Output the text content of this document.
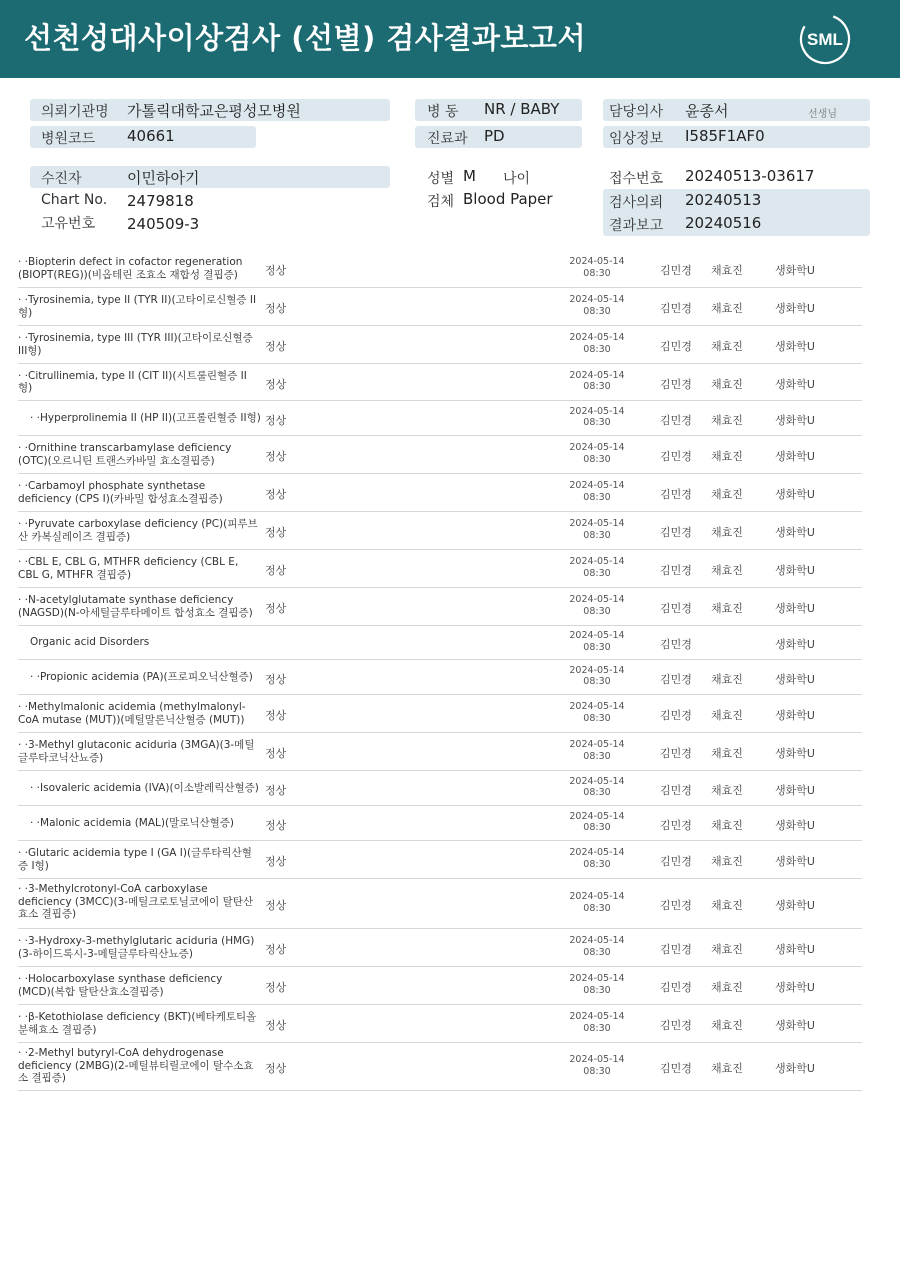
선천성대사이상검사 (선별) 검사결과보고서	SML
의뢰기관명 가톨릭대학교은평성모병원	병 동 NR / BABY	담당의사 윤종서	선생님
병원코드 40661	진료과 PD	임상정보 I585F1AF0
수진자	이민하아기
Chart No. 2479818
고유번호 240509-3
성별 M 나이
검체 Blood Paper
접수번호 20240513-03617
검사의뢰 20240513
결과보고 20240516
· ·Biopterin defect in cofactor regeneration (BIOPT(REG))(비옵테린 조효소 재합성 결핍증)	정상
2024-05-14
08:30	김민경 채효진	생화학U
· ·Tyrosinemia, type II (TYR II)(고타이로신혈증 II형)	정상
2024-05-14
08:30	김민경 채효진	생화학U
· ·Tyrosinemia, type III (TYR III)(고타이로신혈증 III형)	정상
2024-05-14
08:30	김민경 채효진	생화학U
· ·Citrullinemia, type II (CIT II)(시트룰린혈증 II형)	정상
2024-05-14
08:30	김민경 채효진	생화학U
· ·Hyperprolinemia II (HP II)(고프롤린혈증 II형) 정상
2024-05-14
08:30	김민경 채효진	생화학U
· ·Ornithine transcarbamylase deficiency (OTC)(오르니틴 트랜스카바밀 효소결핍증)	정상
2024-05-14
08:30	김민경 채효진	생화학U
· ·Carbamoyl phosphate synthetase deficiency (CPS I)(카바밀 합성효소결핍증)	정상
2024-05-14
08:30	김민경 채효진	생화학U
· ·Pyruvate carboxylase deficiency (PC)(피루브산 카복실레이즈 결핍증)	정상
2024-05-14
08:30	김민경 채효진	생화학U
· ·CBL E, CBL G, MTHFR deficiency (CBL E, CBL G, MTHFR 결핍증)	정상
2024-05-14
08:30	김민경 채효진	생화학U
· ·N-acetylglutamate synthase deficiency (NAGSD)(N-아세틸글루타메이트 합성효소 결핍증)	정상
2024-05-14
08:30	김민경 채효진	생화학U
Organic acid Disorders
2024-05-14
08:30	김민경	생화학U
· ·Propionic acidemia (PA)(프로피오닉산혈증)	정상
2024-05-14
08:30	김민경 채효진	생화학U
· ·Methylmalonic acidemia (methylmalonyl-CoA mutase (MUT))(메틸말론닉산혈증 (MUT))	정상
2024-05-14
08:30	김민경 채효진	생화학U
· ·3-Methyl glutaconic aciduria (3MGA)(3-메틸글루타코닉산뇨증)	정상
2024-05-14
08:30	김민경 채효진	생화학U
· ·Isovaleric acidemia (IVA)(이소발레릭산혈증) 정상
2024-05-14
08:30	김민경 채효진	생화학U
· ·Malonic acidemia (MAL)(말로닉산혈증)	정상
2024-05-14
08:30	김민경 채효진	생화학U
· ·Glutaric acidemia type I (GA I)(글루타릭산혈증 I형)	정상
2024-05-14
08:30	김민경 채효진	생화학U
· ·3-Methylcrotonyl-CoA carboxylase deficiency (3MCC)(3-메틸크로토닐코에이 탈탄산효소 결핍증)
정상
2024-05-14
08:30	김민경 채효진	생화학U
· ·3-Hydroxy-3-methylglutaric aciduria (HMG)(3-하이드록시-3-메틸글루타릭산뇨증)	정상
2024-05-14
08:30	김민경 채효진	생화학U
· ·Holocarboxylase synthase deficiency (MCD)(복합 탈탄산효소결핍증)	정상
2024-05-14
08:30	김민경 채효진	생화학U
· ·β-Ketothiolase deficiency (BKT)(베타케토티올 분해효소 결핍증)	정상
2024-05-14
08:30	김민경 채효진	생화학U
· ·2-Methyl butyryl-CoA dehydrogenase deficiency (2MBG)(2-메틸뷰티릴코에이 탈수소효소 결핍증)
정상
2024-05-14
08:30	김민경 채효진	생화학U
